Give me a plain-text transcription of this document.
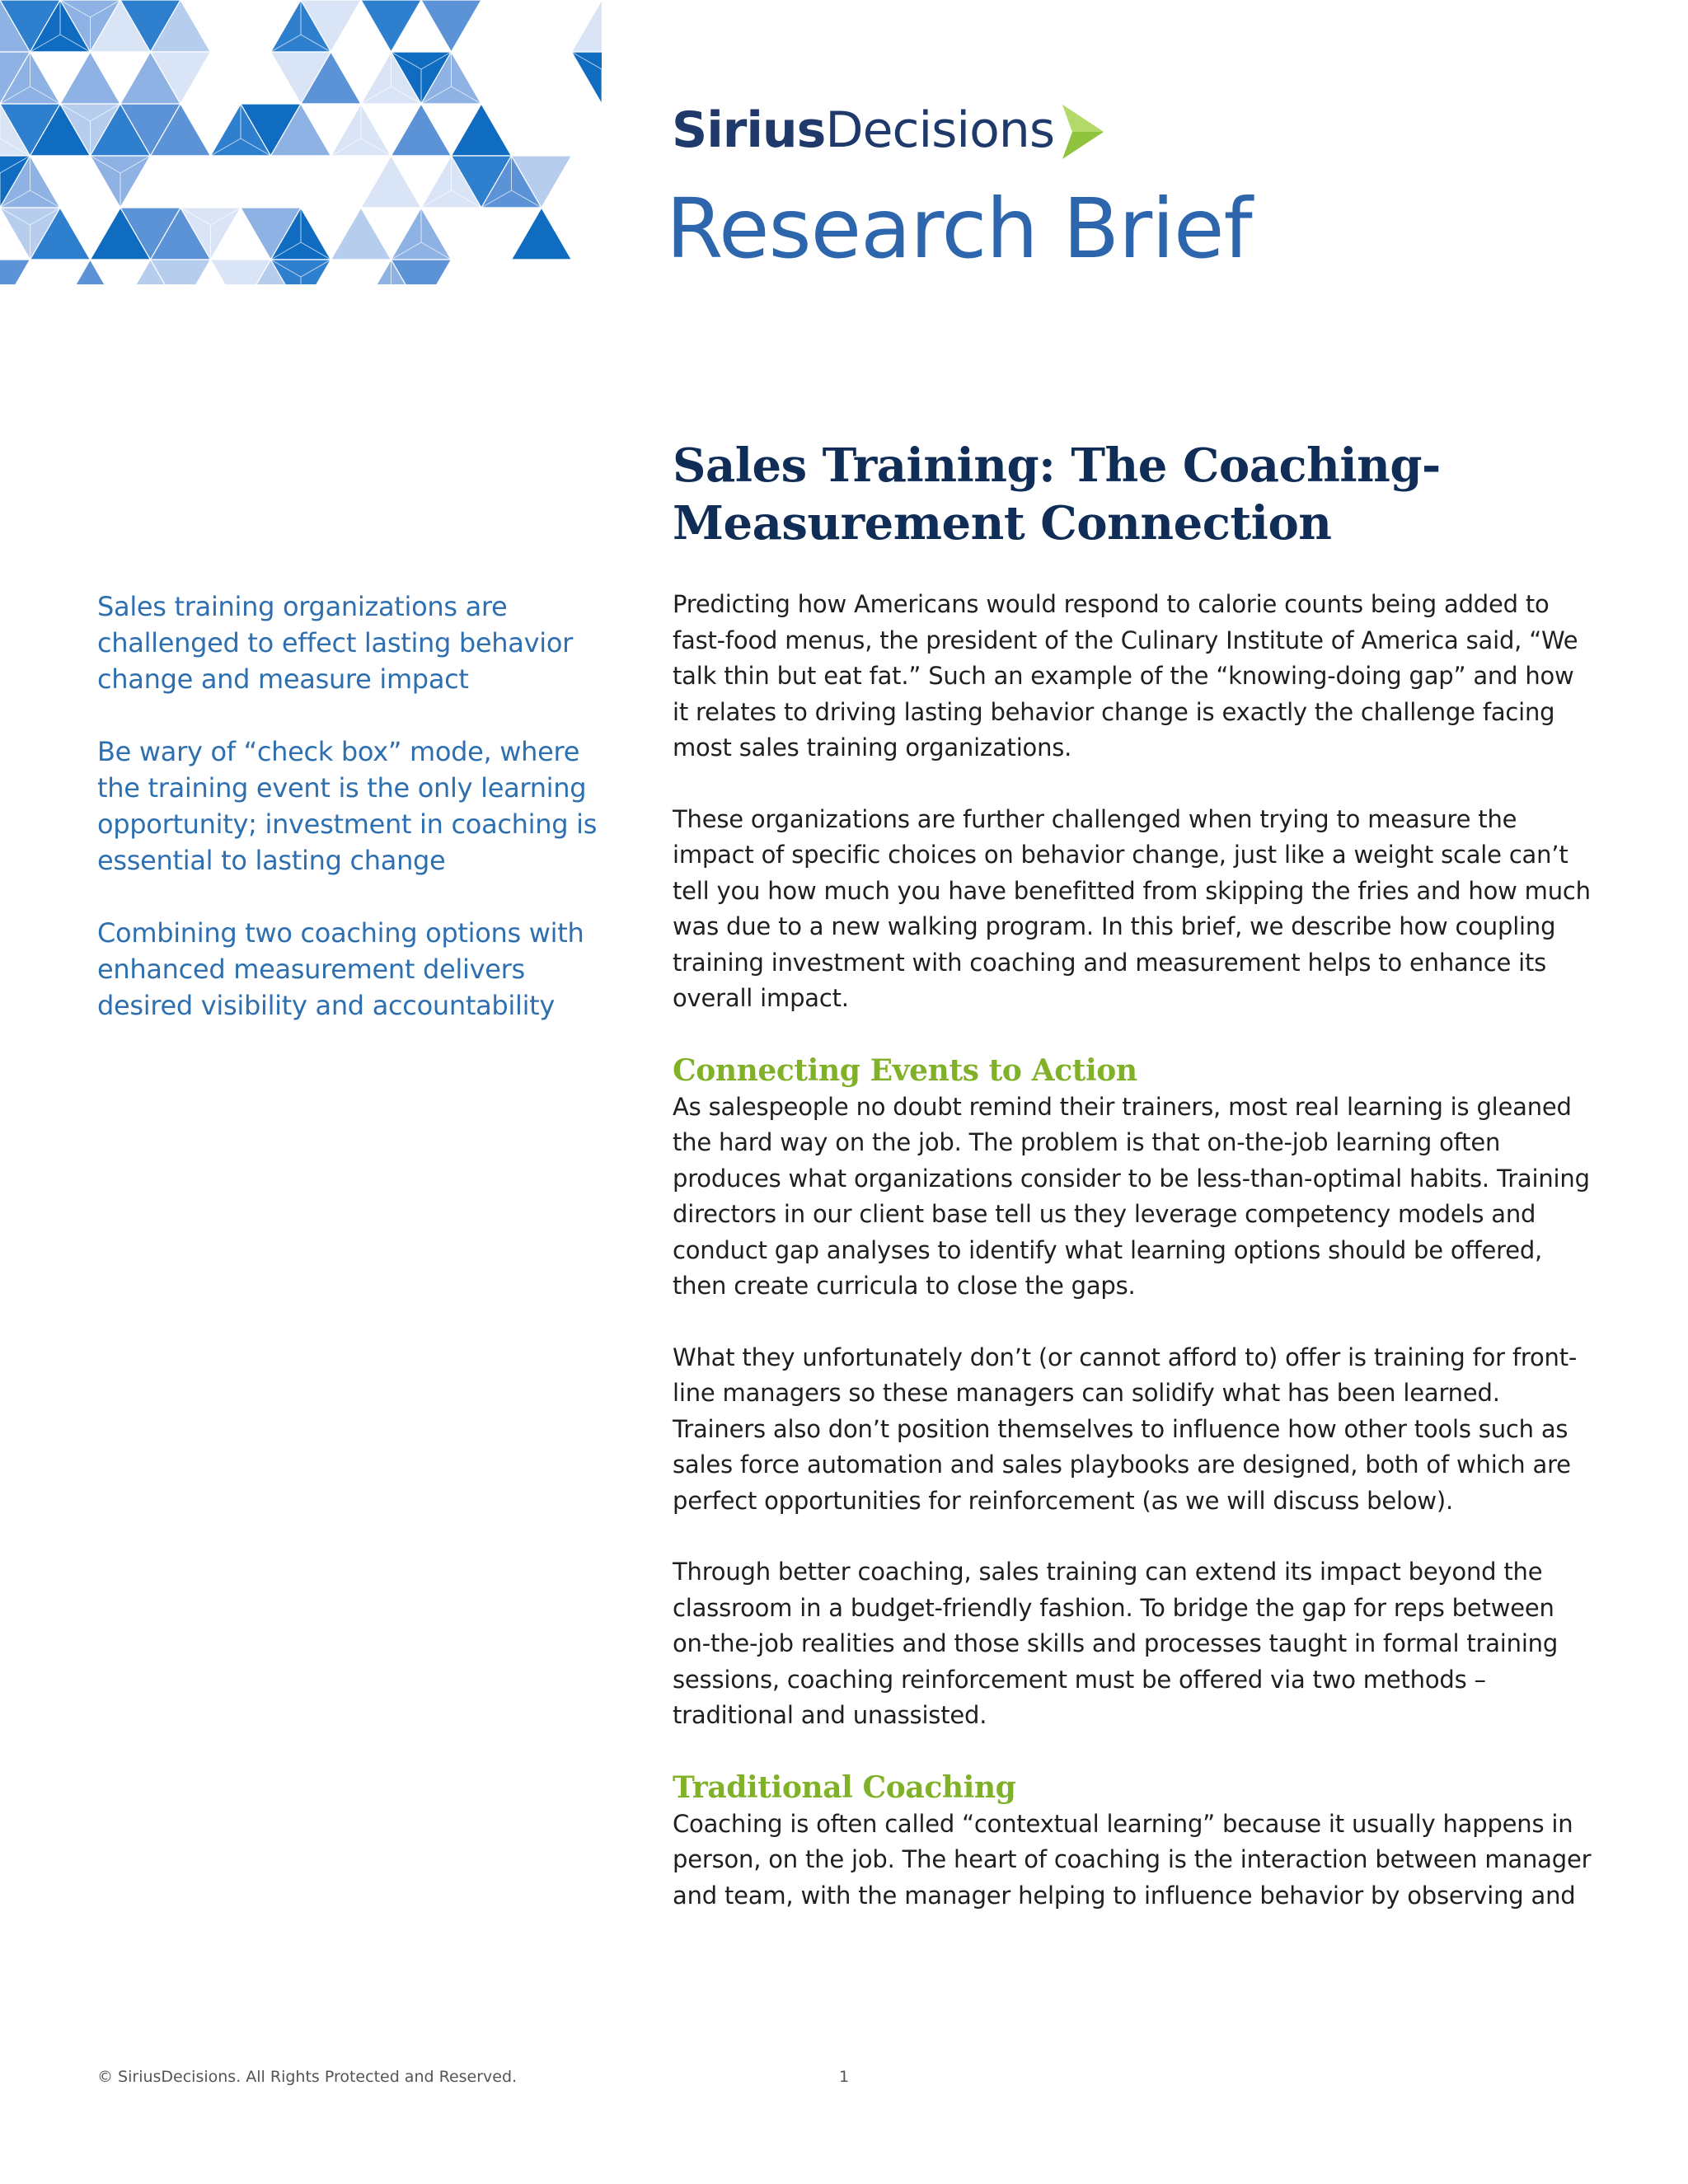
SiriusDecisions
Research Brief
Sales Training: The Coaching-
Measurement Connection

Sales training organizations are challenged to effect lasting behavior change and measure impact

Be wary of “check box” mode, where the training event is the only learning opportunity; investment in coaching is essential to lasting change

Combining two coaching options with enhanced measurement delivers desired visibility and accountability

Predicting how Americans would respond to calorie counts being added to fast-food menus, the president of the Culinary Institute of America said, “We talk thin but eat fat.” Such an example of the “knowing-doing gap” and how it relates to driving lasting behavior change is exactly the challenge facing most sales training organizations.

These organizations are further challenged when trying to measure the impact of specific choices on behavior change, just like a weight scale can’t tell you how much you have benefitted from skipping the fries and how much was due to a new walking program. In this brief, we describe how coupling training investment with coaching and measurement helps to enhance its overall impact.

Connecting Events to Action

As salespeople no doubt remind their trainers, most real learning is gleaned the hard way on the job. The problem is that on-the-job learning often produces what organizations consider to be less-than-optimal habits. Training directors in our client base tell us they leverage competency models and conduct gap analyses to identify what learning options should be offered, then create curricula to close the gaps.

What they unfortunately don’t (or cannot afford to) offer is training for front-line managers so these managers can solidify what has been learned. Trainers also don’t position themselves to influence how other tools such as sales force automation and sales playbooks are designed, both of which are perfect opportunities for reinforcement (as we will discuss below).

Through better coaching, sales training can extend its impact beyond the classroom in a budget-friendly fashion. To bridge the gap for reps between on-the-job realities and those skills and processes taught in formal training sessions, coaching reinforcement must be offered via two methods – traditional and unassisted.

Traditional Coaching

Coaching is often called “contextual learning” because it usually happens in person, on the job. The heart of coaching is the interaction between manager and team, with the manager helping to influence behavior by observing and

© SiriusDecisions. All Rights Protected and Reserved.	1
